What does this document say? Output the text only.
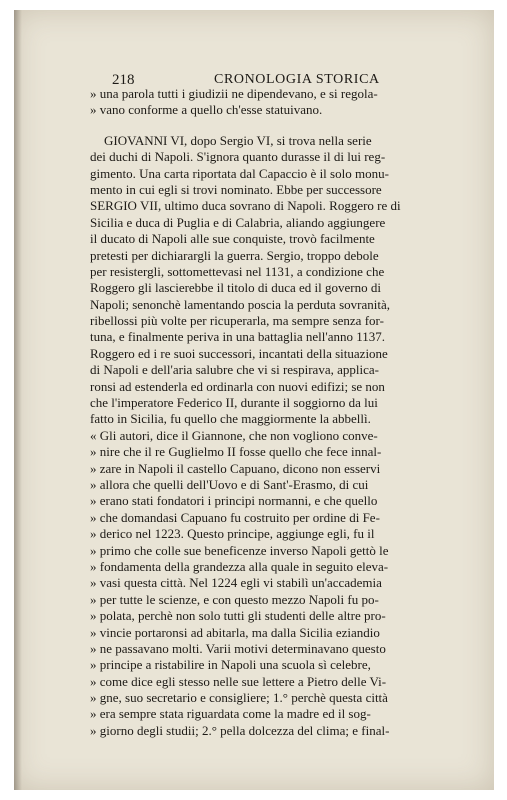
218	CRONOLOGIA STORICA
» una parola tutti i giudizii ne dipendevano, e si regola-
» vano conforme a quello ch'esse statuivano.
GIOVANNI VI, dopo Sergio VI, si trova nella serie
dei duchi di Napoli. S'ignora quanto durasse il di lui reg-
gimento. Una carta riportata dal Capaccio è il solo monu-
mento in cui egli si trovi nominato. Ebbe per successore
SERGIO VII, ultimo duca sovrano di Napoli. Roggero re di
Sicilia e duca di Puglia e di Calabria, aliando aggiungere
il ducato di Napoli alle sue conquiste, trovò facilmente
pretesti per dichiarargli la guerra. Sergio, troppo debole
per resistergli, sottomettevasi nel 1131, a condizione che
Roggero gli lascierebbe il titolo di duca ed il governo di
Napoli; senonchè lamentando poscia la perduta sovranità,
ribellossi più volte per ricuperarla, ma sempre senza for-
tuna, e finalmente periva in una battaglia nell'anno 1137.
Roggero ed i re suoi successori, incantati della situazione
di Napoli e dell'aria salubre che vi si respirava, applica-
ronsi ad estenderla ed ordinarla con nuovi edifizi; se non
che l'imperatore Federico II, durante il soggiorno da lui
fatto in Sicilia, fu quello che maggiormente la abbellì.
« Gli autori, dice il Giannone, che non vogliono conve-
» nire che il re Guglielmo II fosse quello che fece innal-
» zare in Napoli il castello Capuano, dicono non esservi
» allora che quelli dell'Uovo e di Sant'-Erasmo, di cui
» erano stati fondatori i principi normanni, e che quello
» che domandasi Capuano fu costruito per ordine di Fe-
» derico nel 1223. Questo principe, aggiunge egli, fu il
» primo che colle sue beneficenze inverso Napoli gettò le
» fondamenta della grandezza alla quale in seguito eleva-
» vasi questa città. Nel 1224 egli vi stabilì un'accademia
» per tutte le scienze, e con questo mezzo Napoli fu po-
» polata, perchè non solo tutti gli studenti delle altre pro-
» vincie portaronsi ad abitarla, ma dalla Sicilia eziandio
» ne passavano molti. Varii motivi determinavano questo
» principe a ristabilire in Napoli una scuola sì celebre,
» come dice egli stesso nelle sue lettere a Pietro delle Vi-
» gne, suo secretario e consigliere; 1.° perchè questa città
» era sempre stata riguardata come la madre ed il sog-
» giorno degli studii; 2.° pella dolcezza del clima; e final-
